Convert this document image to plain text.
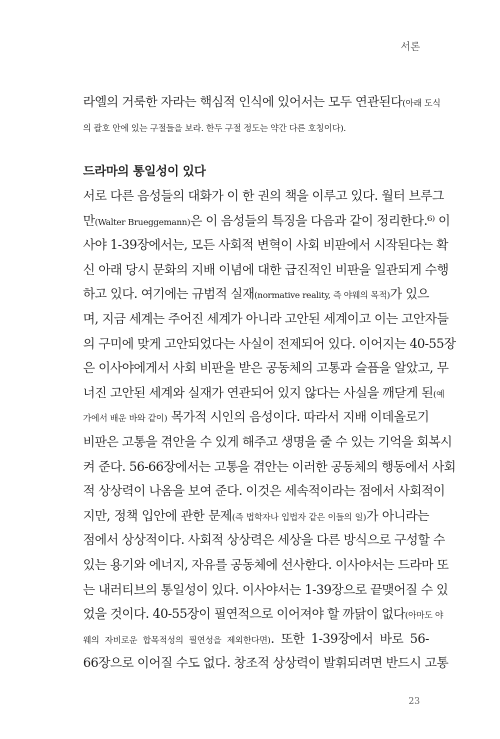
서론
라엘의 거룩한 자라는 핵심적 인식에 있어서는 모두 연관된다(아래 도식
의 괄호 안에 있는 구절들을 보라. 한두 구절 정도는 약간 다른 호칭이다).
드라마의 통일성이 있다
서로 다른 음성들의 대화가 이 한 권의 책을 이루고 있다. 월터 브루그
만(Walter Brueggemann)은 이 음성들의 특징을 다음과 같이 정리한다.⁶⁾ 이
사야 1-39장에서는, 모든 사회적 변혁이 사회 비판에서 시작된다는 확
신 아래 당시 문화의 지배 이념에 대한 급진적인 비판을 일관되게 수행
하고 있다. 여기에는 규범적 실재(normative reality, 즉 야웨의 목적)가 있으
며, 지금 세계는 주어진 세계가 아니라 고안된 세계이고 이는 고안자들
의 구미에 맞게 고안되었다는 사실이 전제되어 있다. 이어지는 40-55장
은 이사야에게서 사회 비판을 받은 공동체의 고통과 슬픔을 알았고, 무
너진 고안된 세계와 실재가 연관되어 있지 않다는 사실을 깨닫게 된(예
가에서 배운 바와 같이) 목가적 시인의 음성이다. 따라서 지배 이데올로기
비판은 고통을 겪안을 수 있게 해주고 생명을 줄 수 있는 기억을 회복시
켜 준다. 56-66장에서는 고통을 겪안는 이러한 공동체의 행동에서 사회
적 상상력이 나옴을 보여 준다. 이것은 세속적이라는 점에서 사회적이
지만, 정책 입안에 관한 문제(즉 법학자나 입법자 같은 이들의 일)가 아니라는
점에서 상상적이다. 사회적 상상력은 세상을 다른 방식으로 구성할 수
있는 용기와 에너지, 자유를 공동체에 선사한다. 이사야서는 드라마 또
는 내러티브의 통일성이 있다. 이사야서는 1-39장으로 끝맺어질 수 있
었을 것이다. 40-55장이 필연적으로 이어져야 할 까닭이 없다(아마도 야
웨의 자비로운 합목적성의 필연성을 제외한다면). 또한 1-39장에서 바로 56-
66장으로 이어질 수도 없다. 창조적 상상력이 발휘되려면 반드시 고통
23
